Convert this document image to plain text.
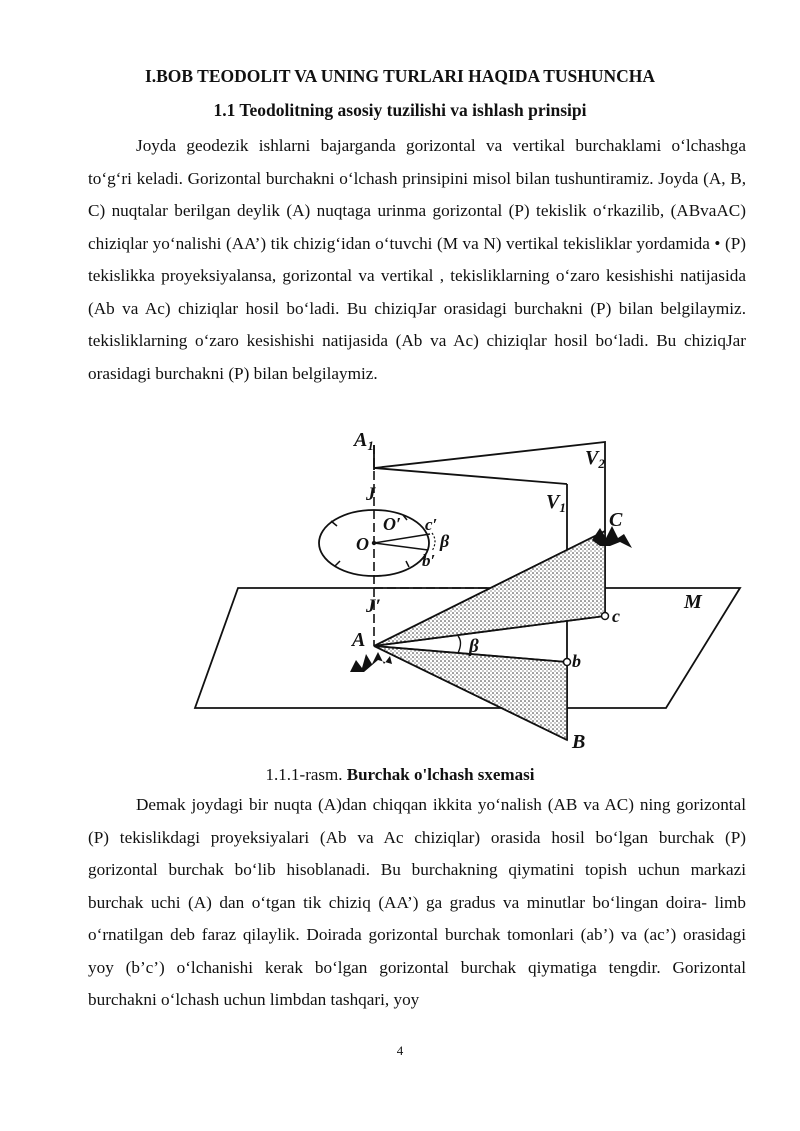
I.BOB TEODOLIT VA UNING TURLARI HAQIDA TUSHUNCHA
1.1 Teodolitning asosiy tuzilishi va ishlash prinsipi

Joyda geodezik ishlarni bajarganda gorizontal va vertikal burchaklami o‘lchashga to‘g‘ri keladi. Gorizontal burchakni o‘lchash prinsipini misol bilan tushuntiramiz. Joyda (A, B, C) nuqtalar berilgan deylik (A) nuqtaga urinma gorizontal (P) tekislik o‘rkazilib, (ABvaAC) chiziqlar yo‘nalishi (AA’) tik chizig‘idan o‘tuvchi (M va N) vertikal tekisliklar yordamida • (P) tekislikka proyeksiyalansa, gorizontal va vertikal , tekisliklarning o‘zaro kesishishi natijasida (Ab va Ac) chiziqlar hosil bo‘ladi. Bu chiziqJar orasidagi burchakni (P) bilan belgilaymiz. tekisliklarning o‘zaro kesishishi natijasida (Ab va Ac) chiziqlar hosil bo‘ladi. Bu chiziqJar orasidagi burchakni (P) bilan belgilaymiz.

$A_1$
J
O′
O
c′
β
b′
J′
$V_1$
$V_2$
C
M
c
A	β
b
B
1.1.1-rasm. Burchak o'lchash sxemasi

Demak joydagi bir nuqta (A)dan chiqqan ikkita yo‘nalish (AB va AC) ning gorizontal (P) tekislikdagi proyeksiyalari (Ab va Ac chiziqlar) orasida hosil bo‘lgan burchak (P) gorizontal burchak bo‘lib hisoblanadi. Bu burchakning qiymatini topish uchun markazi burchak uchi (A) dan o‘tgan tik chiziq (AA’) ga gradus va minutlar bo‘lingan doira- limb o‘rnatilgan deb faraz qilaylik. Doirada gorizontal burchak tomonlari (ab’) va (ac’) orasidagi yoy (b’c’) o‘lchanishi kerak bo‘lgan gorizontal burchak qiymatiga tengdir. Gorizontal burchakni o‘lchash uchun limbdan tashqari, yoy

4
